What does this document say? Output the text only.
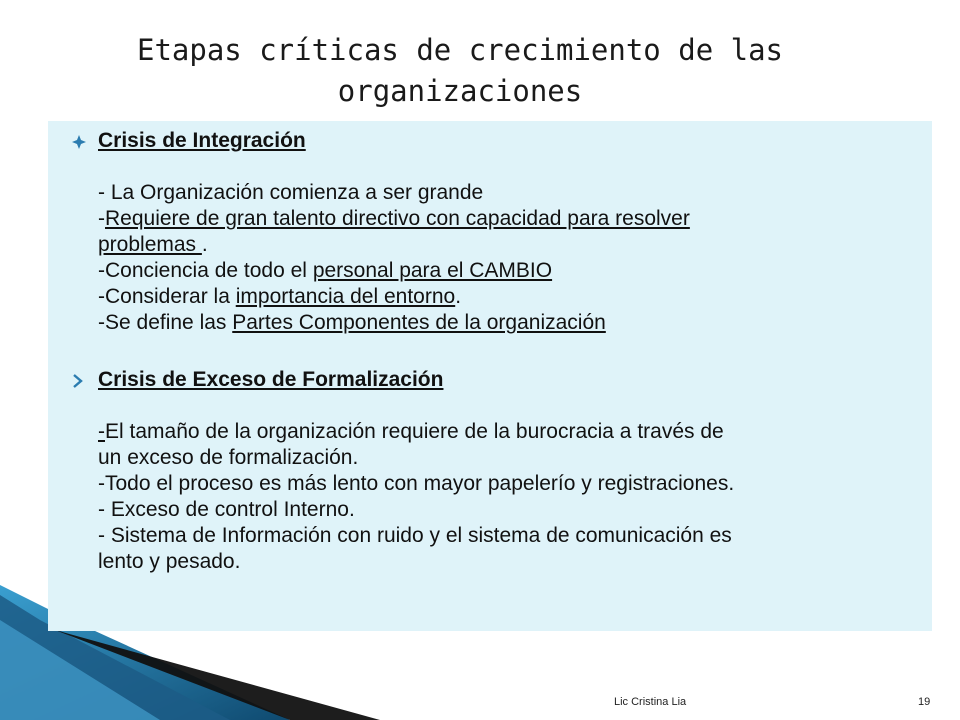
Etapas críticas de crecimiento de las
organizaciones
Crisis de Integración
- La Organización comienza a ser grande
-Requiere de gran talento directivo con capacidad para resolver
problemas .
-Conciencia de todo el personal para el CAMBIO
-Considerar la importancia del entorno.
-Se define las Partes Componentes de la organización
Crisis de Exceso de Formalización
-El tamaño de la organización requiere de la burocracia a través de
un exceso de formalización.
-Todo el proceso es más lento con mayor papelerío y registraciones.
- Exceso de control Interno.
- Sistema de Información con ruido y el sistema de comunicación es
lento y pesado.
Lic Cristina Lia	19
